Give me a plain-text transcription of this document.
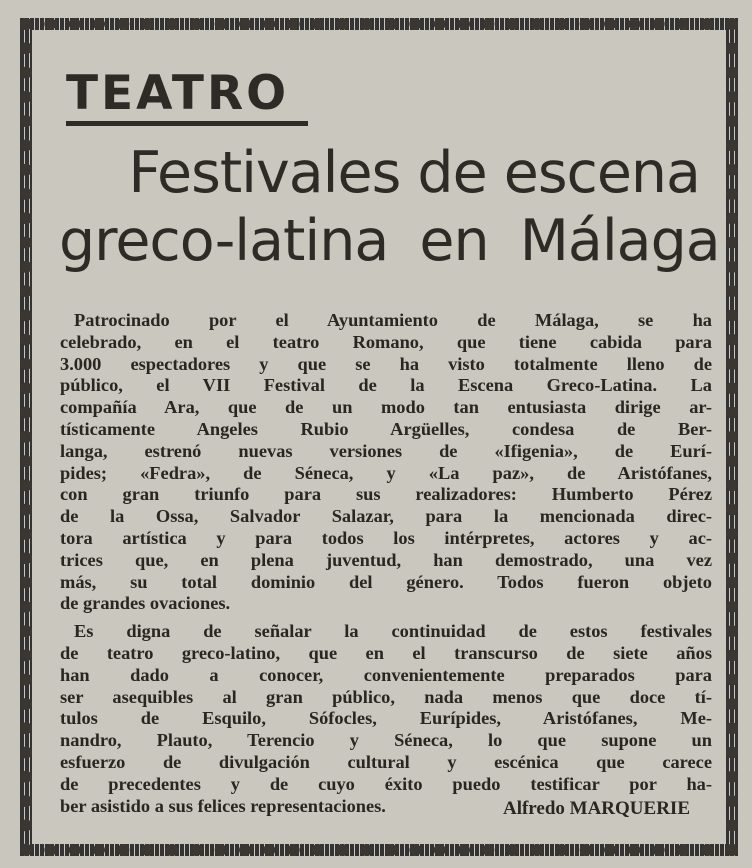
TEATRO
Festivales de escena
greco-latina en Málaga
Patrocinado por el Ayuntamiento de Málaga, se ha
celebrado, en el teatro Romano, que tiene cabida para
3.000 espectadores y que se ha visto totalmente lleno de
público, el VII Festival de la Escena Greco-Latina. La
compañía Ara, que de un modo tan entusiasta dirige ar-
tísticamente Angeles Rubio Argüelles, condesa de Ber-
langa, estrenó nuevas versiones de «Ifigenia», de Eurí-
pides; «Fedra», de Séneca, y «La paz», de Aristófanes,
con gran triunfo para sus realizadores: Humberto Pérez
de la Ossa, Salvador Salazar, para la mencionada direc-
tora artística y para todos los intérpretes, actores y ac-
trices que, en plena juventud, han demostrado, una vez
más, su total dominio del género. Todos fueron objeto
de grandes ovaciones.
Es digna de señalar la continuidad de estos festivales
de teatro greco-latino, que en el transcurso de siete años
han dado a conocer, convenientemente preparados para
ser asequibles al gran público, nada menos que doce tí-
tulos de Esquilo, Sófocles, Eurípides, Aristófanes, Me-
nandro, Plauto, Terencio y Séneca, lo que supone un
esfuerzo de divulgación cultural y escénica que carece
de precedentes y de cuyo éxito puedo testificar por ha-
ber asistido a sus felices representaciones.	Alfredo MARQUERIE
